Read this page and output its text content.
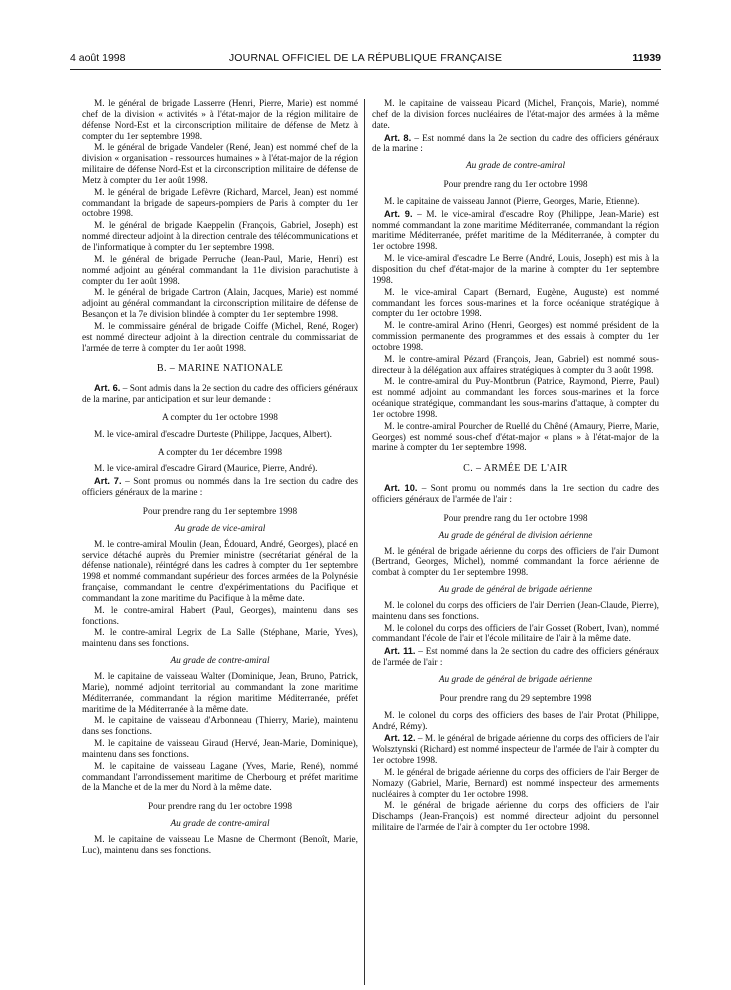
4 août 1998	JOURNAL OFFICIEL DE LA RÉPUBLIQUE FRANÇAISE	11939

M. le général de brigade Lasserre (Henri, Pierre, Marie) est nommé chef de la division « activités » à l'état-major de la région militaire de défense Nord-Est et la circonscription militaire de défense de Metz à compter du 1er septembre 1998.

M. le général de brigade Vandeler (René, Jean) est nommé chef de la division « organisation - ressources humaines » à l'état-major de la région militaire de défense Nord-Est et la circonscription militaire de défense de Metz à compter du 1er août 1998.

M. le général de brigade Lefèvre (Richard, Marcel, Jean) est nommé commandant la brigade de sapeurs-pompiers de Paris à compter du 1er octobre 1998.

M. le général de brigade Kaeppelin (François, Gabriel, Joseph) est nommé directeur adjoint à la direction centrale des télécommunications et de l'informatique à compter du 1er septembre 1998.

M. le général de brigade Perruche (Jean-Paul, Marie, Henri) est nommé adjoint au général commandant la 11e division parachutiste à compter du 1er août 1998.

M. le général de brigade Cartron (Alain, Jacques, Marie) est nommé adjoint au général commandant la circonscription militaire de défense de Besançon et la 7e division blindée à compter du 1er septembre 1998.

M. le commissaire général de brigade Coiffe (Michel, René, Roger) est nommé directeur adjoint à la direction centrale du commissariat de l'armée de terre à compter du 1er août 1998.

B. – MARINE NATIONALE

Art. 6. – Sont admis dans la 2e section du cadre des officiers généraux de la marine, par anticipation et sur leur demande :

A compter du 1er octobre 1998

M. le vice-amiral d'escadre Durteste (Philippe, Jacques, Albert).

A compter du 1er décembre 1998

M. le vice-amiral d'escadre Girard (Maurice, Pierre, André).

Art. 7. – Sont promus ou nommés dans la 1re section du cadre des officiers généraux de la marine :

Pour prendre rang du 1er septembre 1998
Au grade de vice-amiral

M. le contre-amiral Moulin (Jean, Édouard, André, Georges), placé en service détaché auprès du Premier ministre (secrétariat général de la défense nationale), réintégré dans les cadres à compter du 1er septembre 1998 et nommé commandant supérieur des forces armées de la Polynésie française, commandant le centre d'expérimentations du Pacifique et commandant la zone maritime du Pacifique à la même date.

M. le contre-amiral Habert (Paul, Georges), maintenu dans ses fonctions.

M. le contre-amiral Legrix de La Salle (Stéphane, Marie, Yves), maintenu dans ses fonctions.

Au grade de contre-amiral

M. le capitaine de vaisseau Walter (Dominique, Jean, Bruno, Patrick, Marie), nommé adjoint territorial au commandant la zone maritime Méditerranée, commandant la région maritime Méditerranée, préfet maritime de la Méditerranée à la même date.

M. le capitaine de vaisseau d'Arbonneau (Thierry, Marie), maintenu dans ses fonctions.

M. le capitaine de vaisseau Giraud (Hervé, Jean-Marie, Dominique), maintenu dans ses fonctions.

M. le capitaine de vaisseau Lagane (Yves, Marie, René), nommé commandant l'arrondissement maritime de Cherbourg et préfet maritime de la Manche et de la mer du Nord à la même date.

Pour prendre rang du 1er octobre 1998
Au grade de contre-amiral

M. le capitaine de vaisseau Le Masne de Chermont (Benoît, Marie, Luc), maintenu dans ses fonctions.

M. le capitaine de vaisseau Picard (Michel, François, Marie), nommé chef de la division forces nucléaires de l'état-major des armées à la même date.

Art. 8. – Est nommé dans la 2e section du cadre des officiers généraux de la marine :

Au grade de contre-amiral
Pour prendre rang du 1er octobre 1998

M. le capitaine de vaisseau Jannot (Pierre, Georges, Marie, Etienne).

Art. 9. – M. le vice-amiral d'escadre Roy (Philippe, Jean-Marie) est nommé commandant la zone maritime Méditerranée, commandant la région maritime Méditerranée, préfet maritime de la Méditerranée, à compter du 1er octobre 1998.

M. le vice-amiral d'escadre Le Berre (André, Louis, Joseph) est mis à la disposition du chef d'état-major de la marine à compter du 1er septembre 1998.

M. le vice-amiral Capart (Bernard, Eugène, Auguste) est nommé commandant les forces sous-marines et la force océanique stratégique à compter du 1er octobre 1998.

M. le contre-amiral Arino (Henri, Georges) est nommé président de la commission permanente des programmes et des essais à compter du 1er octobre 1998.

M. le contre-amiral Pézard (François, Jean, Gabriel) est nommé sous-directeur à la délégation aux affaires stratégiques à compter du 3 août 1998.

M. le contre-amiral du Puy-Montbrun (Patrice, Raymond, Pierre, Paul) est nommé adjoint au commandant les forces sous-marines et la force océanique stratégique, commandant les sous-marins d'attaque, à compter du 1er octobre 1998.

M. le contre-amiral Pourcher de Ruellé du Chêné (Amaury, Pierre, Marie, Georges) est nommé sous-chef d'état-major « plans » à l'état-major de la marine à compter du 1er septembre 1998.

C. – ARMÉE DE L'AIR

Art. 10. – Sont promu ou nommés dans la 1re section du cadre des officiers généraux de l'armée de l'air :

Pour prendre rang du 1er octobre 1998
Au grade de général de division aérienne

M. le général de brigade aérienne du corps des officiers de l'air Dumont (Bertrand, Georges, Michel), nommé commandant la force aérienne de combat à compter du 1er septembre 1998.

Au grade de général de brigade aérienne

M. le colonel du corps des officiers de l'air Derrien (Jean-Claude, Pierre), maintenu dans ses fonctions.

M. le colonel du corps des officiers de l'air Gosset (Robert, Ivan), nommé commandant l'école de l'air et l'école militaire de l'air à la même date.

Art. 11. – Est nommé dans la 2e section du cadre des officiers généraux de l'armée de l'air :

Au grade de général de brigade aérienne
Pour prendre rang du 29 septembre 1998

M. le colonel du corps des officiers des bases de l'air Protat (Philippe, André, Rémy).

Art. 12. – M. le général de brigade aérienne du corps des officiers de l'air Wolsztynski (Richard) est nommé inspecteur de l'armée de l'air à compter du 1er octobre 1998.

M. le général de brigade aérienne du corps des officiers de l'air Berger de Nomazy (Gabriel, Marie, Bernard) est nommé inspecteur des armements nucléaires à compter du 1er octobre 1998.

M. le général de brigade aérienne du corps des officiers de l'air Dischamps (Jean-François) est nommé directeur adjoint du personnel militaire de l'armée de l'air à compter du 1er octobre 1998.
